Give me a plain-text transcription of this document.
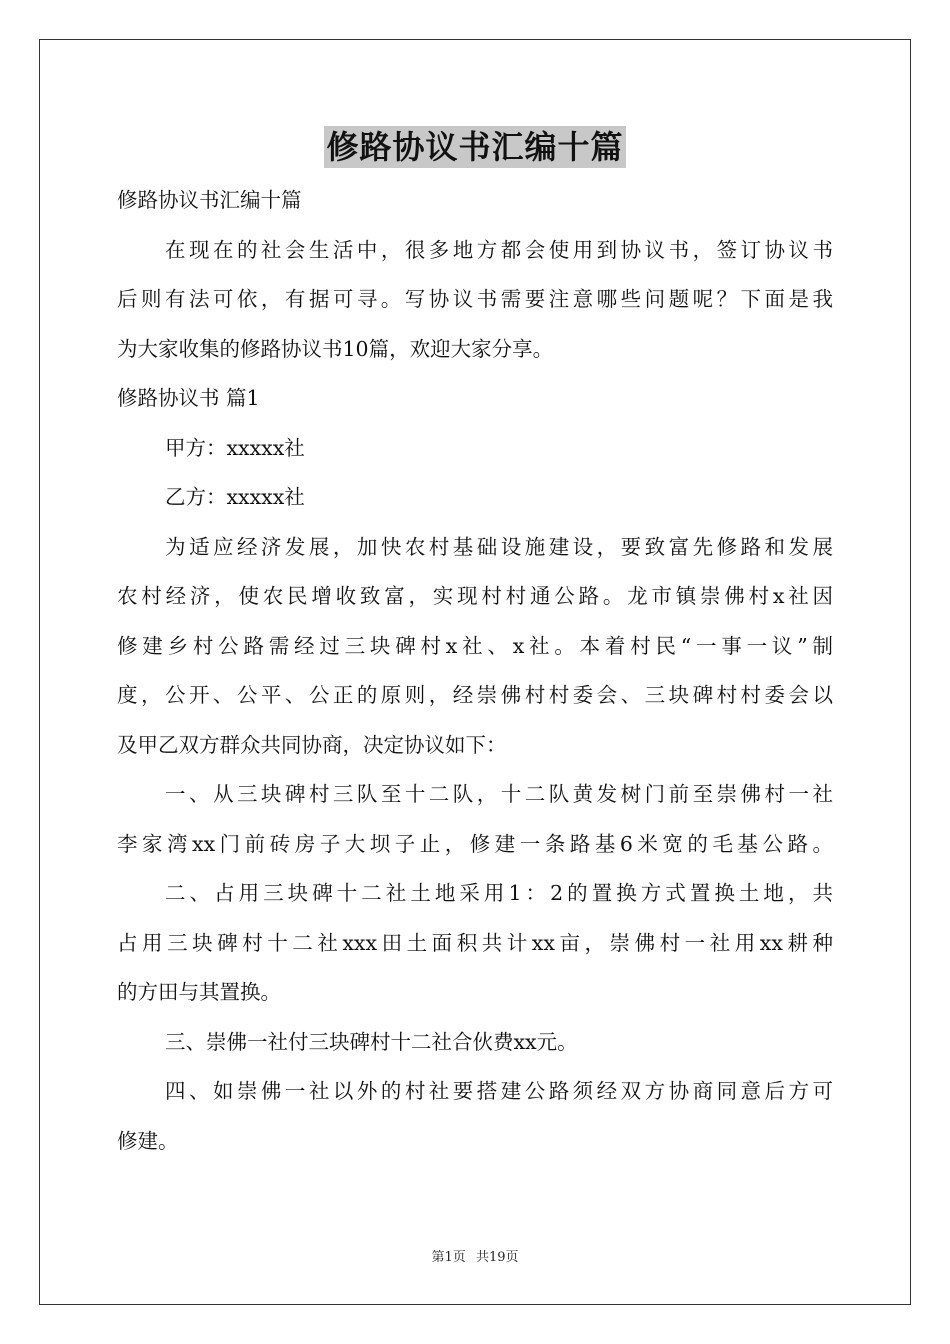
修路协议书汇编十篇
修路协议书汇编十篇
在现在的社会生活中，很多地方都会使用到协议书，签订协议书
后则有法可依，有据可寻。写协议书需要注意哪些问题呢？下面是我
为大家收集的修路协议书10篇，欢迎大家分享。
修路协议书 篇1
甲方：xxxxx社
乙方：xxxxx社
为适应经济发展，加快农村基础设施建设，要致富先修路和发展
农村经济，使农民增收致富，实现村村通公路。龙市镇崇佛村x社因
修建乡村公路需经过三块碑村x社、x社。本着村民“一事一议”制
度，公开、公平、公正的原则，经崇佛村村委会、三块碑村村委会以
及甲乙双方群众共同协商，决定协议如下：
一、从三块碑村三队至十二队，十二队黄发树门前至崇佛村一社
李家湾xx门前砖房子大坝子止，修建一条路基6米宽的毛基公路。
二、占用三块碑十二社土地采用1：2的置换方式置换土地，共
占用三块碑村十二社xxx田土面积共计xx亩，崇佛村一社用xx耕种
的方田与其置换。
三、崇佛一社付三块碑村十二社合伙费xx元。
四、如崇佛一社以外的村社要搭建公路须经双方协商同意后方可
修建。
第1页 共19页
